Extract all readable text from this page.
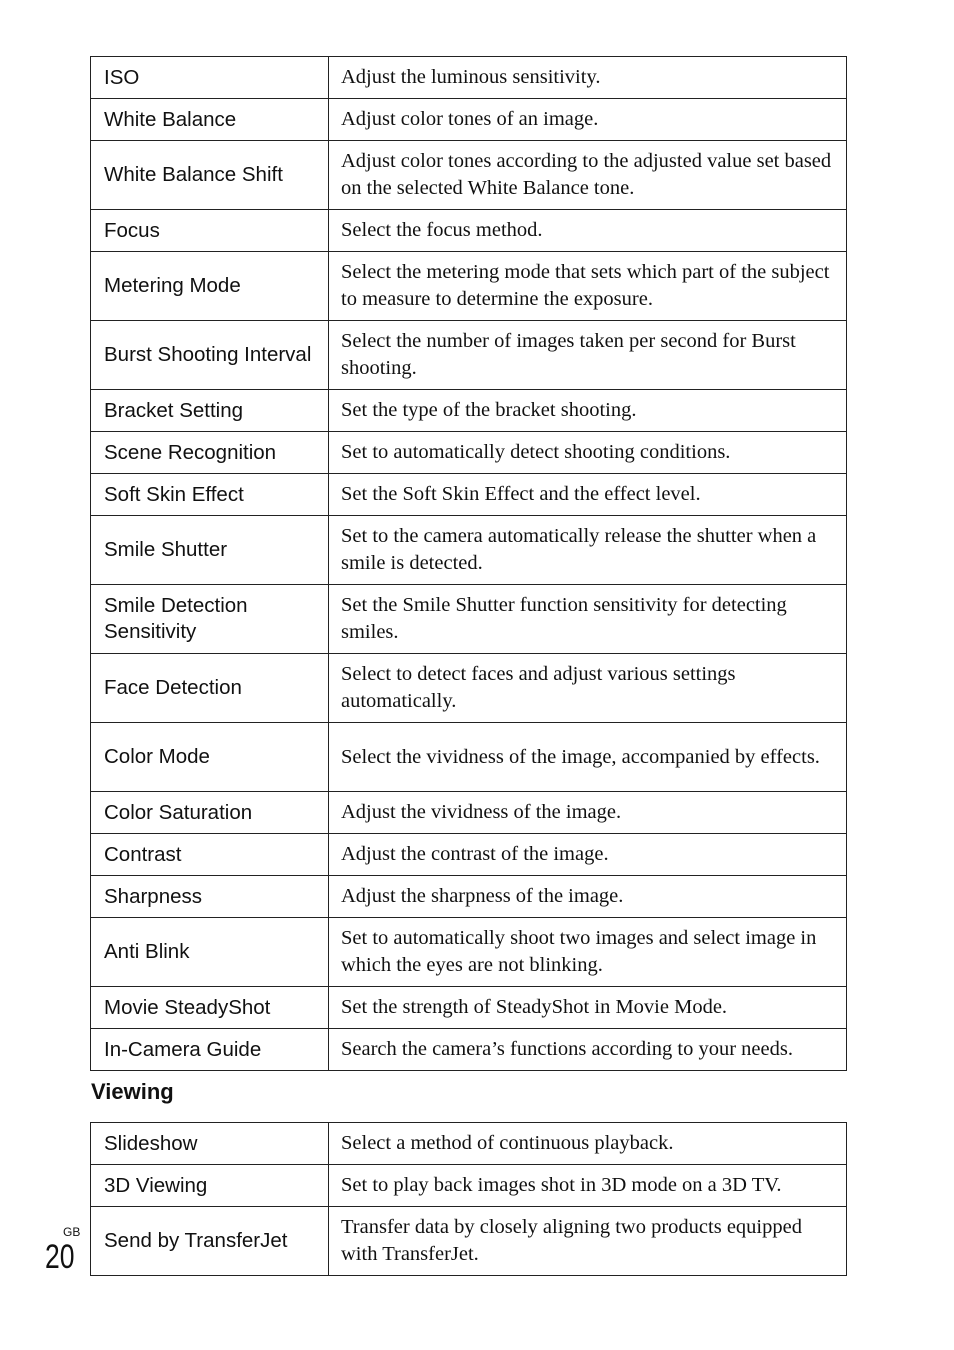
ISO	Adjust the luminous sensitivity.
White Balance	Adjust color tones of an image.
White Balance Shift	Adjust color tones according to the adjusted value set based on the selected White Balance tone.
Focus	Select the focus method.
Metering Mode	Select the metering mode that sets which part of the subject to measure to determine the exposure.
Burst Shooting Interval	Select the number of images taken per second for Burst shooting.
Bracket Setting	Set the type of the bracket shooting.
Scene Recognition	Set to automatically detect shooting conditions.
Soft Skin Effect	Set the Soft Skin Effect and the effect level.
Smile Shutter	Set to the camera automatically release the shutter when a smile is detected.
Smile Detection Sensitivity	Set the Smile Shutter function sensitivity for detecting smiles.
Face Detection	Select to detect faces and adjust various settings automatically.
Color Mode	Select the vividness of the image, accompanied by effects.
Color Saturation	Adjust the vividness of the image.
Contrast	Adjust the contrast of the image.
Sharpness	Adjust the sharpness of the image.
Anti Blink	Set to automatically shoot two images and select image in which the eyes are not blinking.
Movie SteadyShot	Set the strength of SteadyShot in Movie Mode.
In-Camera Guide	Search the camera’s functions according to your needs.
Viewing
Slideshow	Select a method of continuous playback.
3D Viewing	Set to play back images shot in 3D mode on a 3D TV.
Send by TransferJet	Transfer data by closely aligning two products equipped with TransferJet.
GB
20
